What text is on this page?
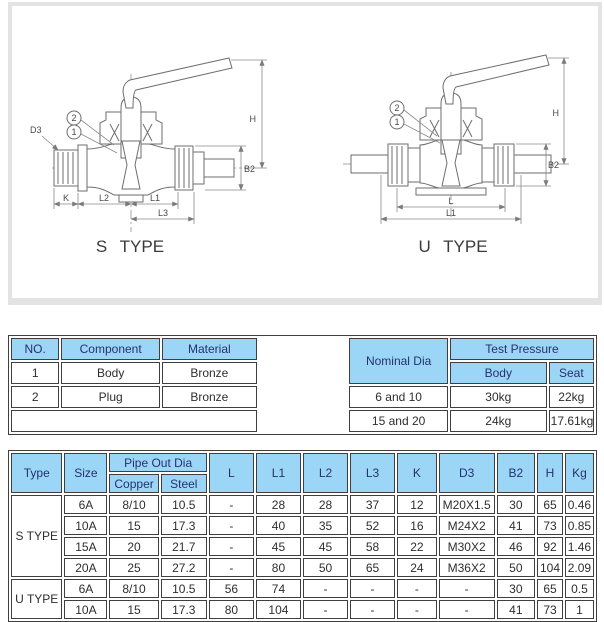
H
B2
K	L2	L1
L3
D3
2
1
S TYPE
H
B2
L
L1
2
1
U TYPE
NO.	Component	Material		Nominal Dia	Test Pressure	
1	Body	Bronze			Body	Seat
2	Plug	Bronze		6 and 10	30kg	22kg
				15 and 20	24kg	17.61kg
Type	Size	Pipe Out Dia		L	L1	L2	L3	K	D3	B2	H	Kg
		Copper	Steel									
S TYPE	6A	8/10	10.5	-	28	28	37	12	M20X1.5	30	65	0.46
	10A	15	17.3	-	40	35	52	16	M24X2	41	73	0.85
	15A	20	21.7	-	45	45	58	22	M30X2	46	92	1.46
	20A	25	27.2	-	80	50	65	24	M36X2	50	104	2.09
U TYPE	6A	8/10	10.5	56	74	-	-	-	-	30	65	0.5
	10A	15	17.3	80	104	-	-	-	-	41	73	1
